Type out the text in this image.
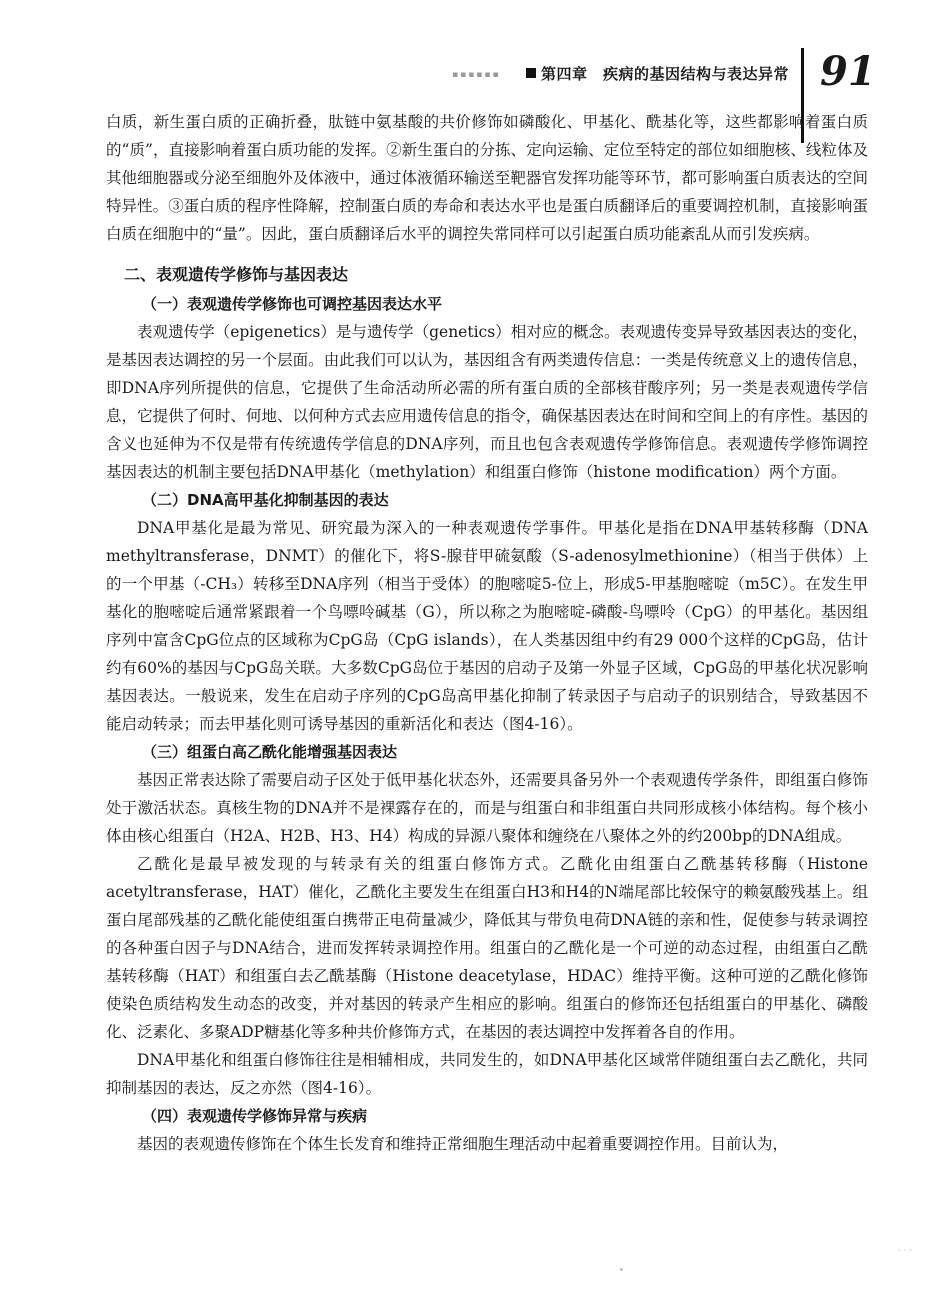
▪▪▪▪▪▪	第四章　疾病的基因结构与表达异常 91

白质，新生蛋白质的正确折叠，肽链中氨基酸的共价修饰如磷酸化、甲基化、酰基化等，这些都影响着蛋白质的“质”，直接影响着蛋白质功能的发挥。②新生蛋白的分拣、定向运输、定位至特定的部位如细胞核、线粒体及其他细胞器或分泌至细胞外及体液中，通过体液循环输送至靶器官发挥功能等环节，都可影响蛋白质表达的空间特异性。③蛋白质的程序性降解，控制蛋白质的寿命和表达水平也是蛋白质翻译后的重要调控机制，直接影响蛋白质在细胞中的“量”。因此，蛋白质翻译后水平的调控失常同样可以引起蛋白质功能紊乱从而引发疾病。

二、表观遗传学修饰与基因表达
（一）表观遗传学修饰也可调控基因表达水平

表观遗传学（epigenetics）是与遗传学（genetics）相对应的概念。表观遗传变异导致基因表达的变化，是基因表达调控的另一个层面。由此我们可以认为，基因组含有两类遗传信息：一类是传统意义上的遗传信息，即DNA序列所提供的信息，它提供了生命活动所必需的所有蛋白质的全部核苷酸序列；另一类是表观遗传学信息，它提供了何时、何地、以何种方式去应用遗传信息的指令，确保基因表达在时间和空间上的有序性。基因的含义也延伸为不仅是带有传统遗传学信息的DNA序列，而且也包含表观遗传学修饰信息。表观遗传学修饰调控基因表达的机制主要包括DNA甲基化（methylation）和组蛋白修饰（histone modification）两个方面。

（二）DNA高甲基化抑制基因的表达

DNA甲基化是最为常见、研究最为深入的一种表观遗传学事件。甲基化是指在DNA甲基转移酶（DNA methyltransferase，DNMT）的催化下，将S-腺苷甲硫氨酸（S-adenosylmethionine）（相当于供体）上的一个甲基（-CH₃）转移至DNA序列（相当于受体）的胞嘧啶5-位上，形成5-甲基胞嘧啶（m5C）。在发生甲基化的胞嘧啶后通常紧跟着一个鸟嘌呤碱基（G），所以称之为胞嘧啶-磷酸-鸟嘌呤（CpG）的甲基化。基因组序列中富含CpG位点的区域称为CpG岛（CpG islands），在人类基因组中约有29 000个这样的CpG岛，估计约有60%的基因与CpG岛关联。大多数CpG岛位于基因的启动子及第一外显子区域，CpG岛的甲基化状况影响基因表达。一般说来，发生在启动子序列的CpG岛高甲基化抑制了转录因子与启动子的识别结合，导致基因不能启动转录；而去甲基化则可诱导基因的重新活化和表达（图4-16）。

（三）组蛋白高乙酰化能增强基因表达

基因正常表达除了需要启动子区处于低甲基化状态外，还需要具备另外一个表观遗传学条件，即组蛋白修饰处于激活状态。真核生物的DNA并不是裸露存在的，而是与组蛋白和非组蛋白共同形成核小体结构。每个核小体由核心组蛋白（H2A、H2B、H3、H4）构成的异源八聚体和缠绕在八聚体之外的约200bp的DNA组成。

乙酰化是最早被发现的与转录有关的组蛋白修饰方式。乙酰化由组蛋白乙酰基转移酶（Histone acetyltransferase，HAT）催化，乙酰化主要发生在组蛋白H3和H4的N端尾部比较保守的赖氨酸残基上。组蛋白尾部残基的乙酰化能使组蛋白携带正电荷量减少，降低其与带负电荷DNA链的亲和性，促使参与转录调控的各种蛋白因子与DNA结合，进而发挥转录调控作用。组蛋白的乙酰化是一个可逆的动态过程，由组蛋白乙酰基转移酶（HAT）和组蛋白去乙酰基酶（Histone deacetylase，HDAC）维持平衡。这种可逆的乙酰化修饰使染色质结构发生动态的改变，并对基因的转录产生相应的影响。组蛋白的修饰还包括组蛋白的甲基化、磷酸化、泛素化、多聚ADP糖基化等多种共价修饰方式，在基因的表达调控中发挥着各自的作用。

DNA甲基化和组蛋白修饰往往是相辅相成，共同发生的，如DNA甲基化区域常伴随组蛋白去乙酰化，共同抑制基因的表达，反之亦然（图4-16）。

（四）表观遗传学修饰异常与疾病

基因的表观遗传修饰在个体生长发育和维持正常细胞生理活动中起着重要调控作用。目前认为，

· · ◦
